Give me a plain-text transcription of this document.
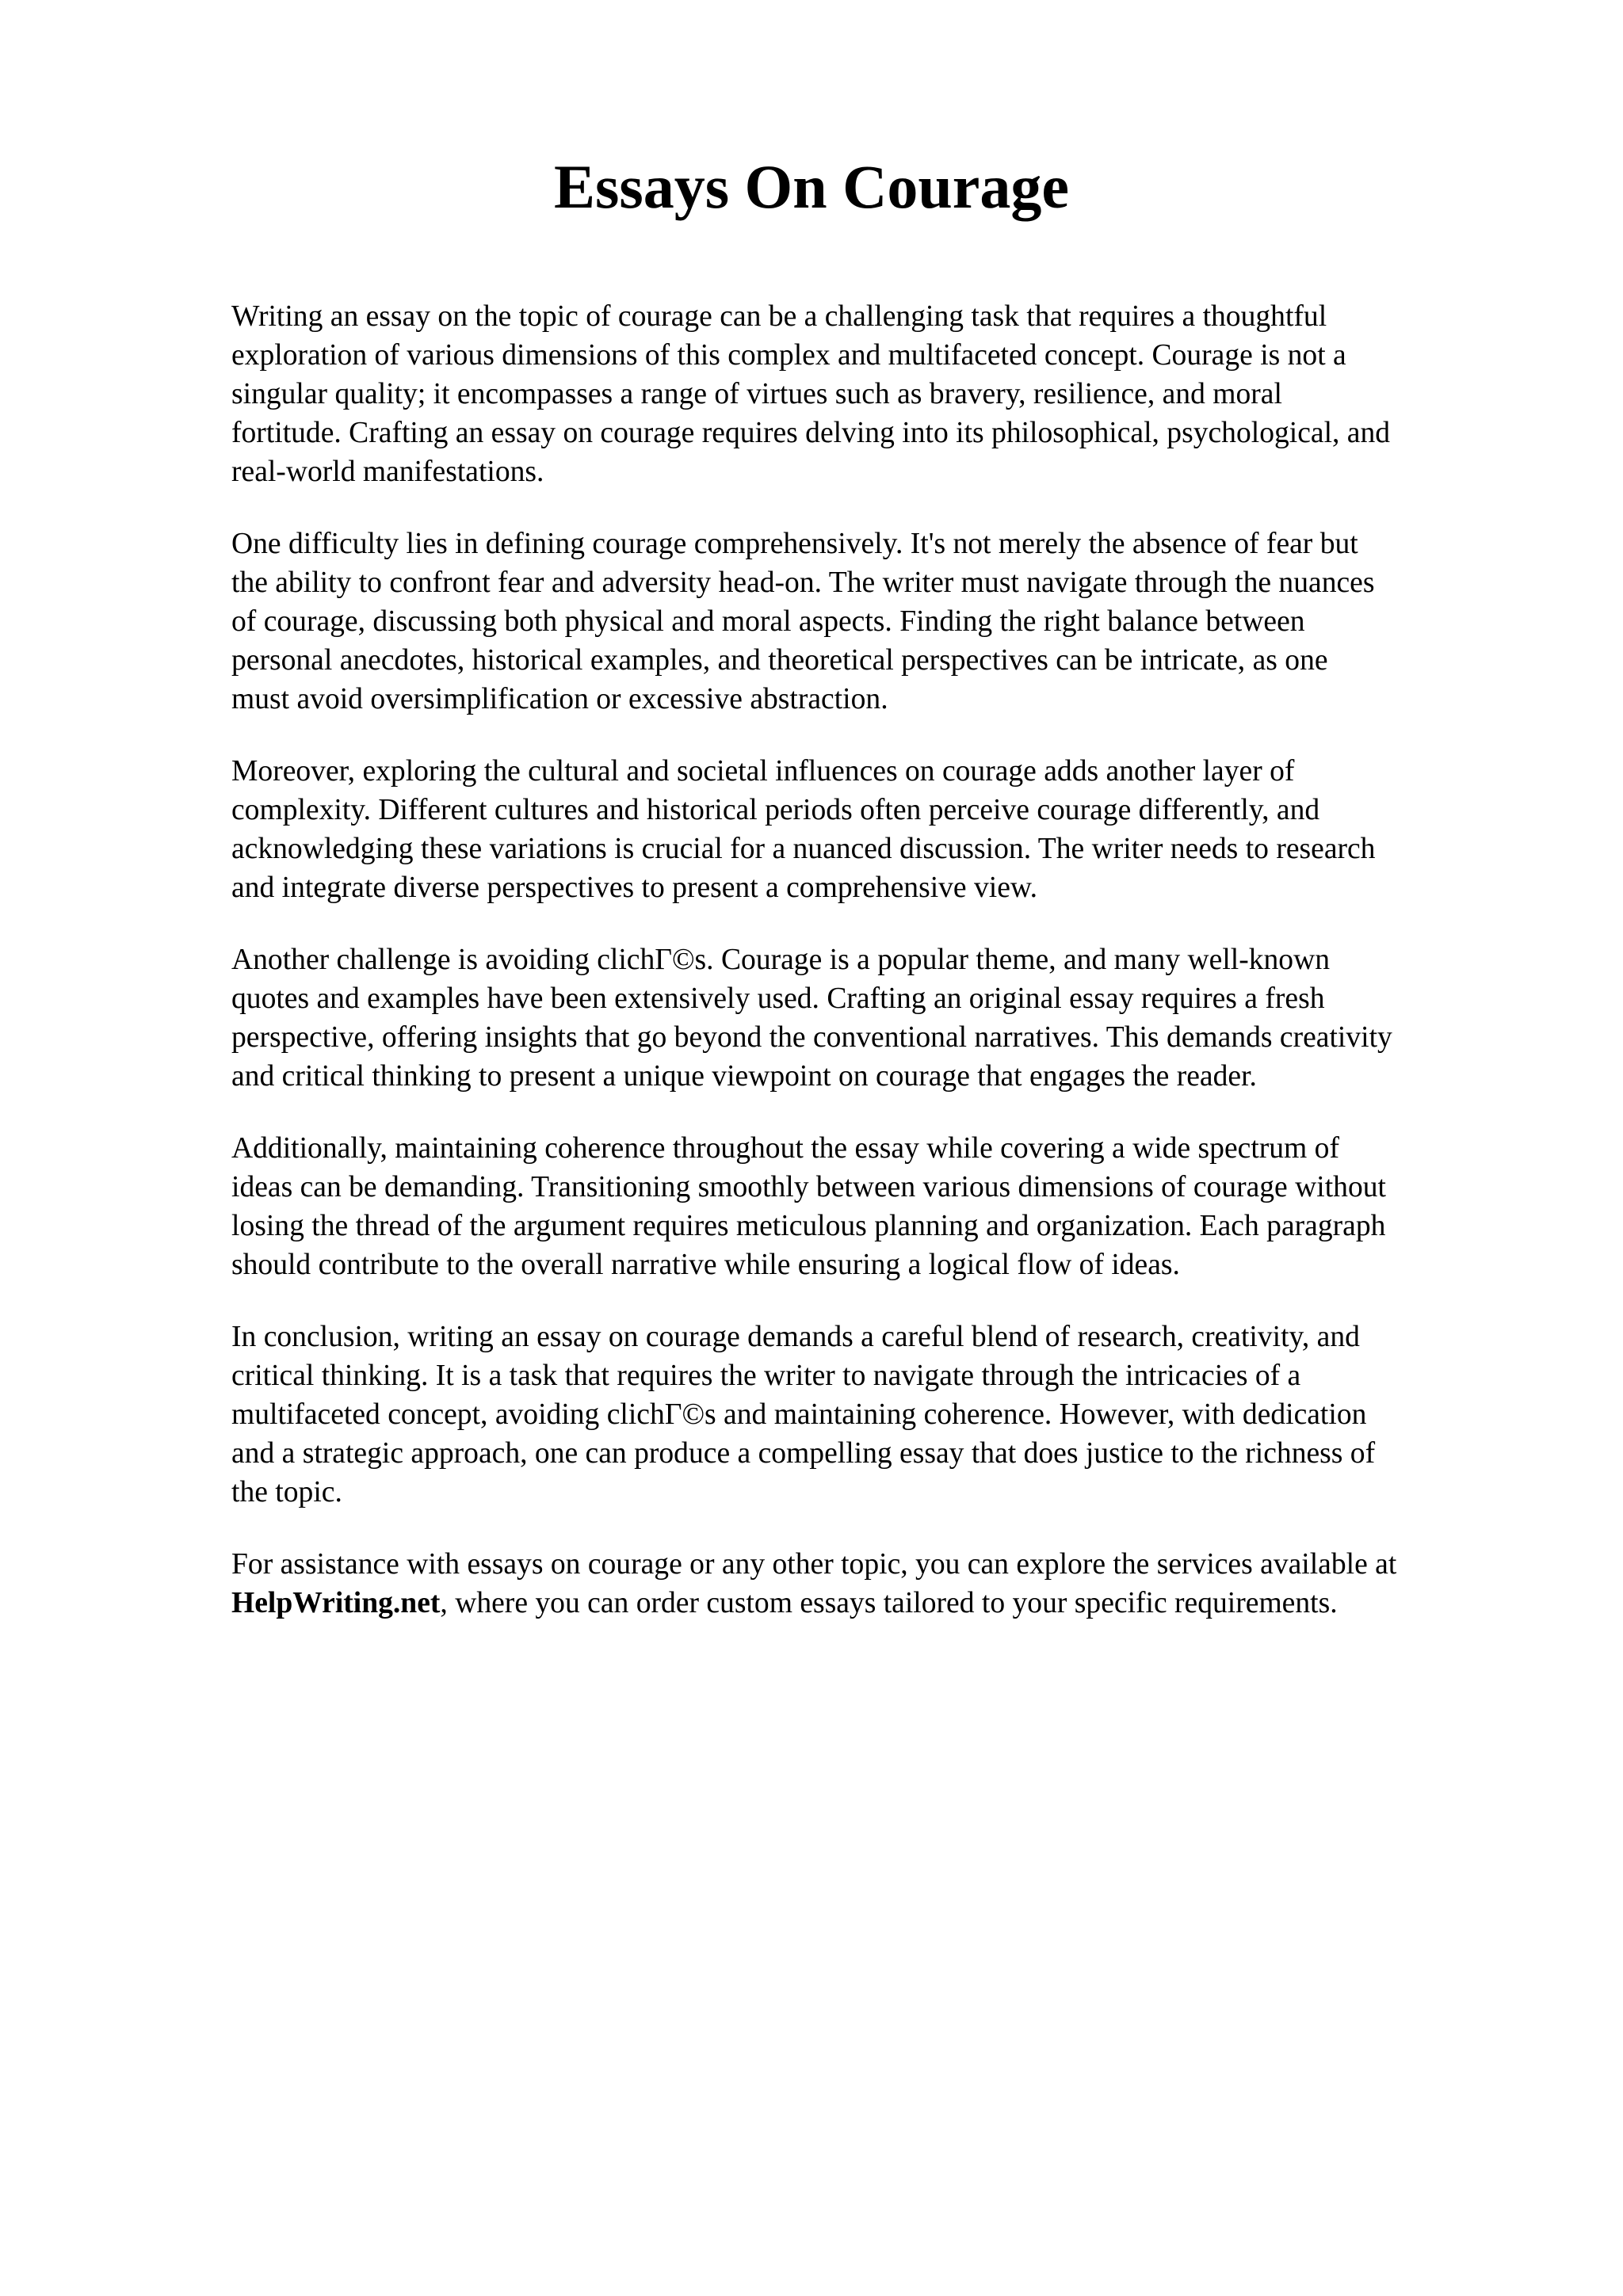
Essays On Courage

Writing an essay on the topic of courage can be a challenging task that requires a thoughtful
exploration of various dimensions of this complex and multifaceted concept. Courage is not a
singular quality; it encompasses a range of virtues such as bravery, resilience, and moral
fortitude. Crafting an essay on courage requires delving into its philosophical, psychological, and
real-world manifestations.

One difficulty lies in defining courage comprehensively. It's not merely the absence of fear but
the ability to confront fear and adversity head-on. The writer must navigate through the nuances
of courage, discussing both physical and moral aspects. Finding the right balance between
personal anecdotes, historical examples, and theoretical perspectives can be intricate, as one
must avoid oversimplification or excessive abstraction.

Moreover, exploring the cultural and societal influences on courage adds another layer of
complexity. Different cultures and historical periods often perceive courage differently, and
acknowledging these variations is crucial for a nuanced discussion. The writer needs to research
and integrate diverse perspectives to present a comprehensive view.

Another challenge is avoiding clichΓ©s. Courage is a popular theme, and many well-known
quotes and examples have been extensively used. Crafting an original essay requires a fresh
perspective, offering insights that go beyond the conventional narratives. This demands creativity
and critical thinking to present a unique viewpoint on courage that engages the reader.

Additionally, maintaining coherence throughout the essay while covering a wide spectrum of
ideas can be demanding. Transitioning smoothly between various dimensions of courage without
losing the thread of the argument requires meticulous planning and organization. Each paragraph
should contribute to the overall narrative while ensuring a logical flow of ideas.

In conclusion, writing an essay on courage demands a careful blend of research, creativity, and
critical thinking. It is a task that requires the writer to navigate through the intricacies of a
multifaceted concept, avoiding clichΓ©s and maintaining coherence. However, with dedication
and a strategic approach, one can produce a compelling essay that does justice to the richness of
the topic.

For assistance with essays on courage or any other topic, you can explore the services available at
HelpWriting.net, where you can order custom essays tailored to your specific requirements.
